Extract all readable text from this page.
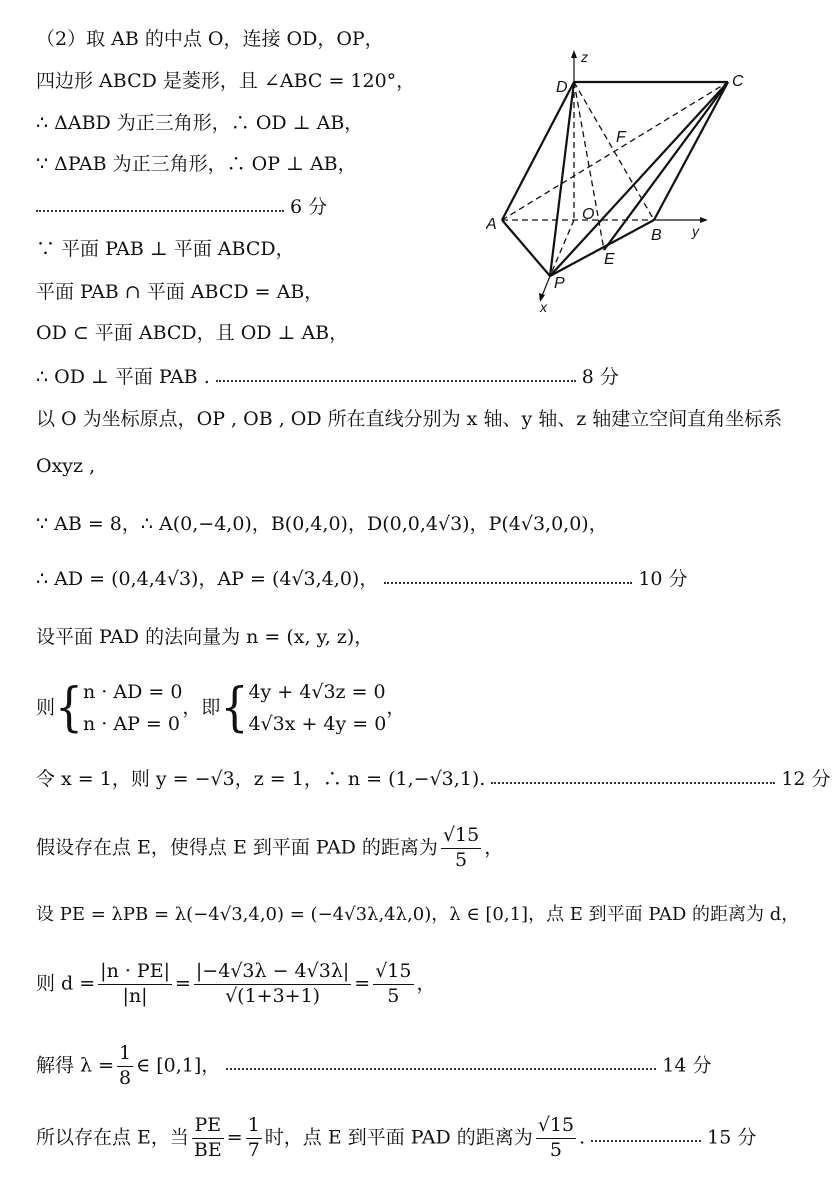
D	C
F
O
A
B
E
P
x
y
z
（2）取 AB 的中点 O，连接 OD，OP，
四边形 ABCD 是菱形，且 ∠ABC = 120°，
∴ ΔABD 为正三角形，∴ OD ⊥ AB，
∵ ΔPAB 为正三角形，∴ OP ⊥ AB，
6 分
∵ 平面 PAB ⊥ 平面 ABCD，
平面 PAB ∩ 平面 ABCD = AB，
OD ⊂ 平面 ABCD，且 OD ⊥ AB，
∴ OD ⊥ 平面 PAB .	8 分
以 O 为坐标原点，OP , OB , OD 所在直线分别为 x 轴、y 轴、z 轴建立空间直角坐标系
Oxyz ,
∵ AB = 8，∴ A(0,−4,0)，B(0,4,0)，D(0,0,4√3)，P(4√3,0,0)，
∴ AD = (0,4,4√3)，AP = (4√3,4,0)，	10 分
设平面 PAD 的法向量为 n = (x, y, z)，
则{n · AD = 0
n · AP = 0，即{4y + 4√3z = 0
4√3x + 4y = 0，
令 x = 1，则 y = −√3，z = 1，∴ n = (1,−√3,1).	12 分
假设存在点 E，使得点 E 到平面 PAD 的距离为 $\frac{√15}{5}$ ，
设 PE = λPB = λ(−4√3,4,0) = (−4√3λ,4λ,0)，λ ∈ [0,1]，点 E 到平面 PAD 的距离为 d，
则 $d = \frac{|n \cdot PE|}{|n|} = \frac{|-4√3\lambda - 4√3\lambda|}{√(1+3+1)} = \frac{√15}{5}$ ，
解得 $\lambda = \frac{1}{8}$ ∈ [0,1]，	14 分
所以存在点 E，当 $\frac{PE}{BE} = \frac{1}{7}$ 时，点 E 到平面 PAD 的距离为 $\frac{√15}{5}$ .	15 分
